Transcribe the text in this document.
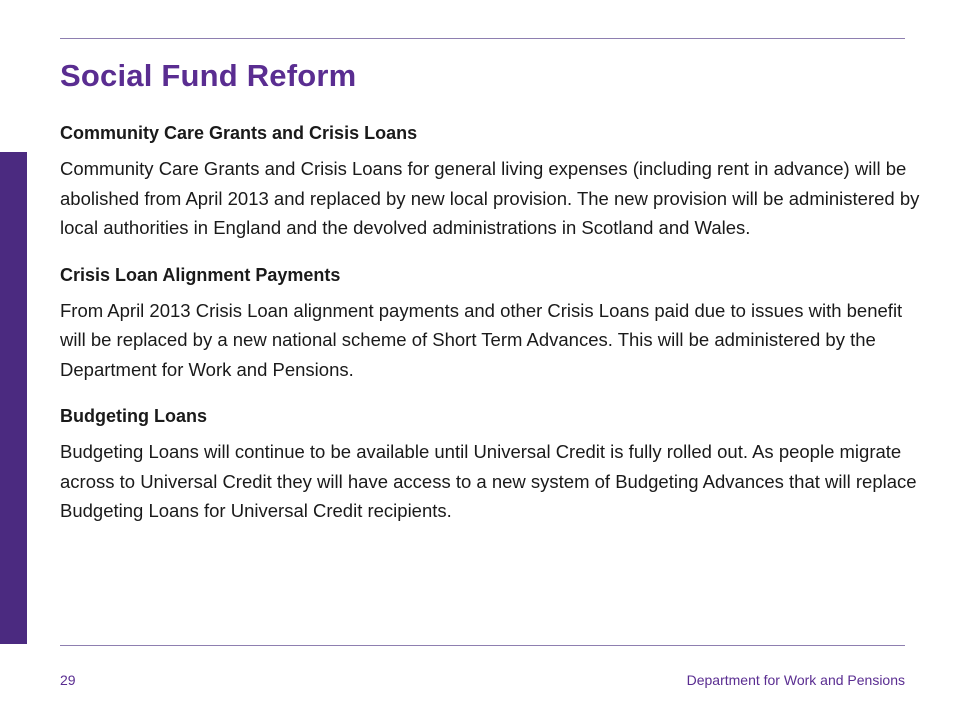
Social Fund Reform

Community Care Grants and Crisis Loans

Community Care Grants and Crisis Loans for general living expenses (including rent in advance) will be abolished from April 2013 and replaced by new local provision. The new provision will be administered by local authorities in England and the devolved administrations in Scotland and Wales.

Crisis Loan Alignment Payments

From April 2013 Crisis Loan alignment payments and other Crisis Loans paid due to issues with benefit will be replaced by a new national scheme of Short Term Advances. This will be administered by the Department for Work and Pensions.

Budgeting Loans

Budgeting Loans will continue to be available until Universal Credit is fully rolled out. As people migrate across to Universal Credit they will have access to a new system of Budgeting Advances that will replace Budgeting Loans for Universal Credit recipients.

29	Department for Work and Pensions
